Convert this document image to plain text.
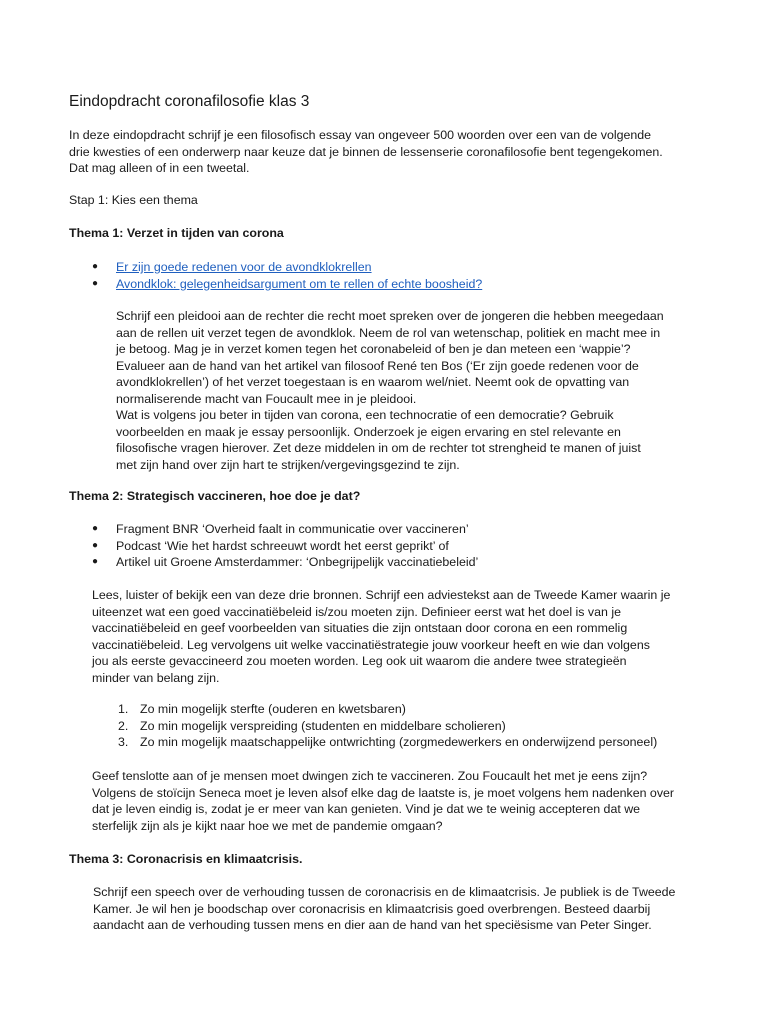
Eindopdracht coronafilosofie klas 3
In deze eindopdracht schrijf je een filosofisch essay van ongeveer 500 woorden over een van de volgende
drie kwesties of een onderwerp naar keuze dat je binnen de lessenserie coronafilosofie bent tegengekomen.
Dat mag alleen of in een tweetal.
Stap 1: Kies een thema
Thema 1: Verzet in tijden van corona
● Er zijn goede redenen voor de avondklokrellen
● Avondklok: gelegenheidsargument om te rellen of echte boosheid?
Schrijf een pleidooi aan de rechter die recht moet spreken over de jongeren die hebben meegedaan
aan de rellen uit verzet tegen de avondklok. Neem de rol van wetenschap, politiek en macht mee in
je betoog. Mag je in verzet komen tegen het coronabeleid of ben je dan meteen een ‘wappie’?
Evalueer aan de hand van het artikel van filosoof René ten Bos (‘Er zijn goede redenen voor de
avondklokrellen’) of het verzet toegestaan is en waarom wel/niet. Neemt ook de opvatting van
normaliserende macht van Foucault mee in je pleidooi.
Wat is volgens jou beter in tijden van corona, een technocratie of een democratie? Gebruik
voorbeelden en maak je essay persoonlijk. Onderzoek je eigen ervaring en stel relevante en
filosofische vragen hierover. Zet deze middelen in om de rechter tot strengheid te manen of juist
met zijn hand over zijn hart te strijken/vergevingsgezind te zijn.
Thema 2: Strategisch vaccineren, hoe doe je dat?
● Fragment BNR ‘Overheid faalt in communicatie over vaccineren’
● Podcast ‘Wie het hardst schreeuwt wordt het eerst geprikt’ of
● Artikel uit Groene Amsterdammer: ‘Onbegrijpelijk vaccinatiebeleid’
Lees, luister of bekijk een van deze drie bronnen. Schrijf een adviestekst aan de Tweede Kamer waarin je
uiteenzet wat een goed vaccinatiëbeleid is/zou moeten zijn. Definieer eerst wat het doel is van je
vaccinatiëbeleid en geef voorbeelden van situaties die zijn ontstaan door corona en een rommelig
vaccinatiëbeleid. Leg vervolgens uit welke vaccinatiëstrategie jouw voorkeur heeft en wie dan volgens
jou als eerste gevaccineerd zou moeten worden. Leg ook uit waarom die andere twee strategieën
minder van belang zijn.
1. Zo min mogelijk sterfte (ouderen en kwetsbaren)
2. Zo min mogelijk verspreiding (studenten en middelbare scholieren)
3. Zo min mogelijk maatschappelijke ontwrichting (zorgmedewerkers en onderwijzend personeel)
Geef tenslotte aan of je mensen moet dwingen zich te vaccineren. Zou Foucault het met je eens zijn?
Volgens de stoïcijn Seneca moet je leven alsof elke dag de laatste is, je moet volgens hem nadenken over
dat je leven eindig is, zodat je er meer van kan genieten. Vind je dat we te weinig accepteren dat we
sterfelijk zijn als je kijkt naar hoe we met de pandemie omgaan?
Thema 3: Coronacrisis en klimaatcrisis.
Schrijf een speech over de verhouding tussen de coronacrisis en de klimaatcrisis. Je publiek is de Tweede
Kamer. Je wil hen je boodschap over coronacrisis en klimaatcrisis goed overbrengen. Besteed daarbij
aandacht aan de verhouding tussen mens en dier aan de hand van het speciësisme van Peter Singer.
